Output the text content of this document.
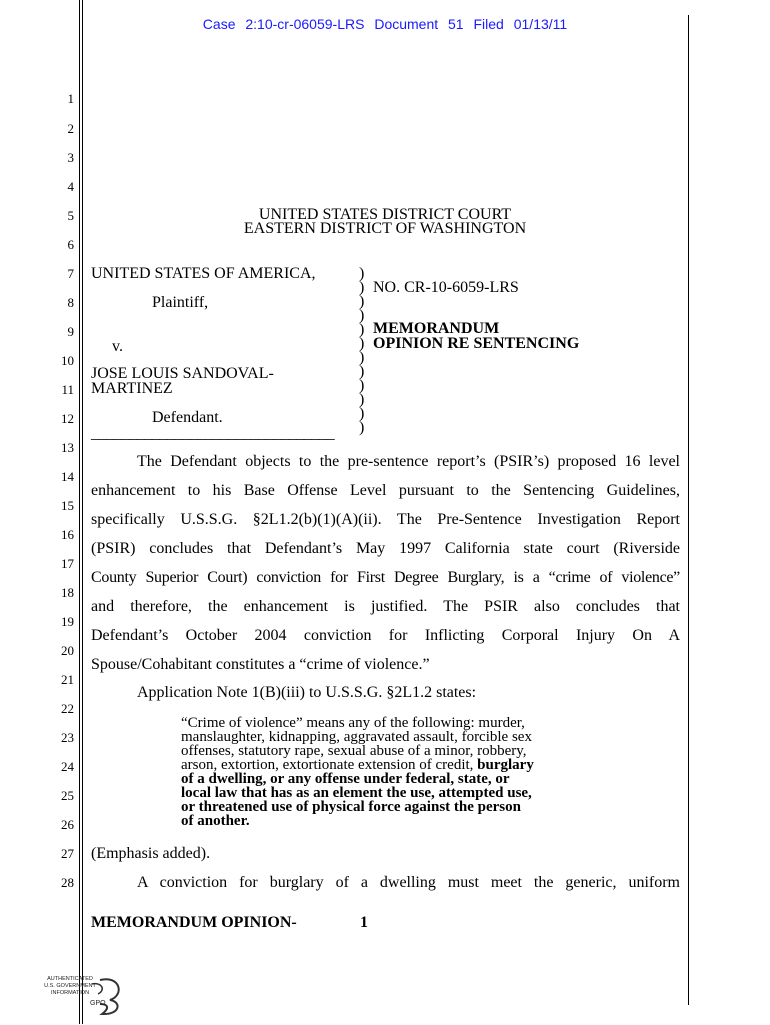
Case 2:10-cr-06059-LRS Document 51 Filed 01/13/11
1
2
3
4
5
6
7
8
9
10
11
12
13
14
15
16
17
18
19
20
21
22
23
24
25
26
27
28
UNITED STATES DISTRICT COURT
EASTERN DISTRICT OF WASHINGTON
UNITED STATES OF AMERICA,
Plaintiff,
v.
JOSE LOUIS SANDOVAL-
MARTINEZ
Defendant.
________________________________
)
)
)
)
)
)
)
)
)
)
)
)
NO. CR-10-6059-LRS
MEMORANDUM
OPINION RE SENTENCING
The Defendant objects to the pre-sentence report’s (PSIR’s) proposed 16 level
enhancement to his Base Offense Level pursuant to the Sentencing Guidelines,
specifically U.S.S.G. §2L1.2(b)(1)(A)(ii). The Pre-Sentence Investigation Report
(PSIR) concludes that Defendant’s May 1997 California state court (Riverside
County Superior Court) conviction for First Degree Burglary, is a “crime of violence”
and therefore, the enhancement is justified. The PSIR also concludes that
Defendant’s October 2004 conviction for Inflicting Corporal Injury On A
Spouse/Cohabitant constitutes a “crime of violence.”
Application Note 1(B)(iii) to U.S.S.G. §2L1.2 states:
“Crime of violence” means any of the following: murder,
manslaughter, kidnapping, aggravated assault, forcible sex
offenses, statutory rape, sexual abuse of a minor, robbery,
arson, extortion, extortionate extension of credit, burglary
of a dwelling, or any offense under federal, state, or
local law that has as an element the use, attempted use,
or threatened use of physical force against the person
of another.
(Emphasis added).
A conviction for burglary of a dwelling must meet the generic, uniform
MEMORANDUM OPINION-	1
AUTHENTICATED
U.S. GOVERNMENT
INFORMATION
GPO
